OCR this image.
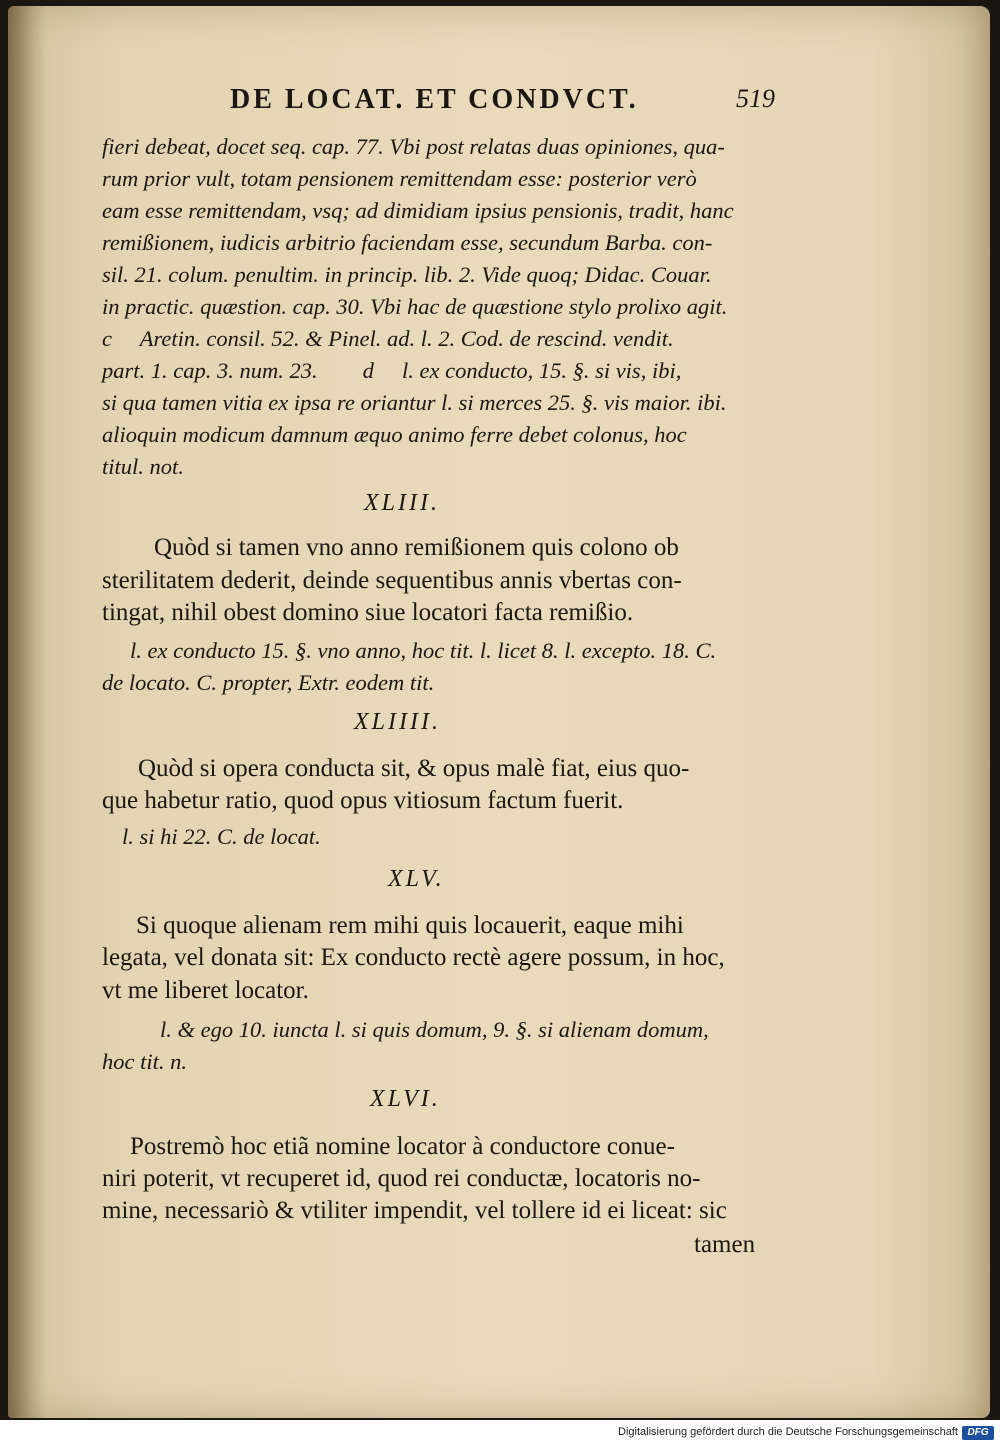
DE LOCAT. ET CONDVCT.	519
fieri debeat, docet seq. cap. 77. Vbi post relatas duas opiniones, qua-
rum prior vult, totam pensionem remittendam esse: posterior verò
eam esse remittendam, vsq; ad dimidiam ipsius pensionis, tradit, hanc
remißionem, iudicis arbitrio faciendam esse, secundum Barba. con-
sil. 21. colum. penultim. in princip. lib. 2. Vide quoq; Didac. Couar.
in practic. quæstion. cap. 30. Vbi hac de quæstione stylo prolixo agit.
c     Aretin. consil. 52. & Pinel. ad. l. 2. Cod. de rescind. vendit.
part. 1. cap. 3. num. 23.        d     l. ex conducto, 15. §. si vis, ibi,
si qua tamen vitia ex ipsa re oriantur l. si merces 25. §. vis maior. ibi.
alioquin modicum damnum æquo animo ferre debet colonus, hoc
titul. not.
XLIII.
Quòd si tamen vno anno remißionem quis colono ob
sterilitatem dederit, deinde sequentibus annis vbertas con-
tingat, nihil obest domino siue locatori facta remißio.
l. ex conducto 15. §. vno anno, hoc tit. l. licet 8. l. excepto. 18. C.
de locato. C. propter, Extr. eodem tit.
XLIIII.
Quòd si opera conducta sit, & opus malè fiat, eius quo-
que habetur ratio, quod opus vitiosum factum fuerit.
l. si hi 22. C. de locat.
XLV.
Si quoque alienam rem mihi quis locauerit, eaque mihi
legata, vel donata sit: Ex conducto rectè agere possum, in hoc,
vt me liberet locator.
l. & ego 10. iuncta l. si quis domum, 9. §. si alienam domum,
hoc tit. n.
XLVI.
Postremò hoc etiã nomine locator à conductore conue-
niri poterit, vt recuperet id, quod rei conductæ, locatoris no-
mine, necessariò & vtiliter impendit, vel tollere id ei liceat: sic
tamen
Digitalisierung gefördert durch die Deutsche Forschungsgemeinschaft DFG
